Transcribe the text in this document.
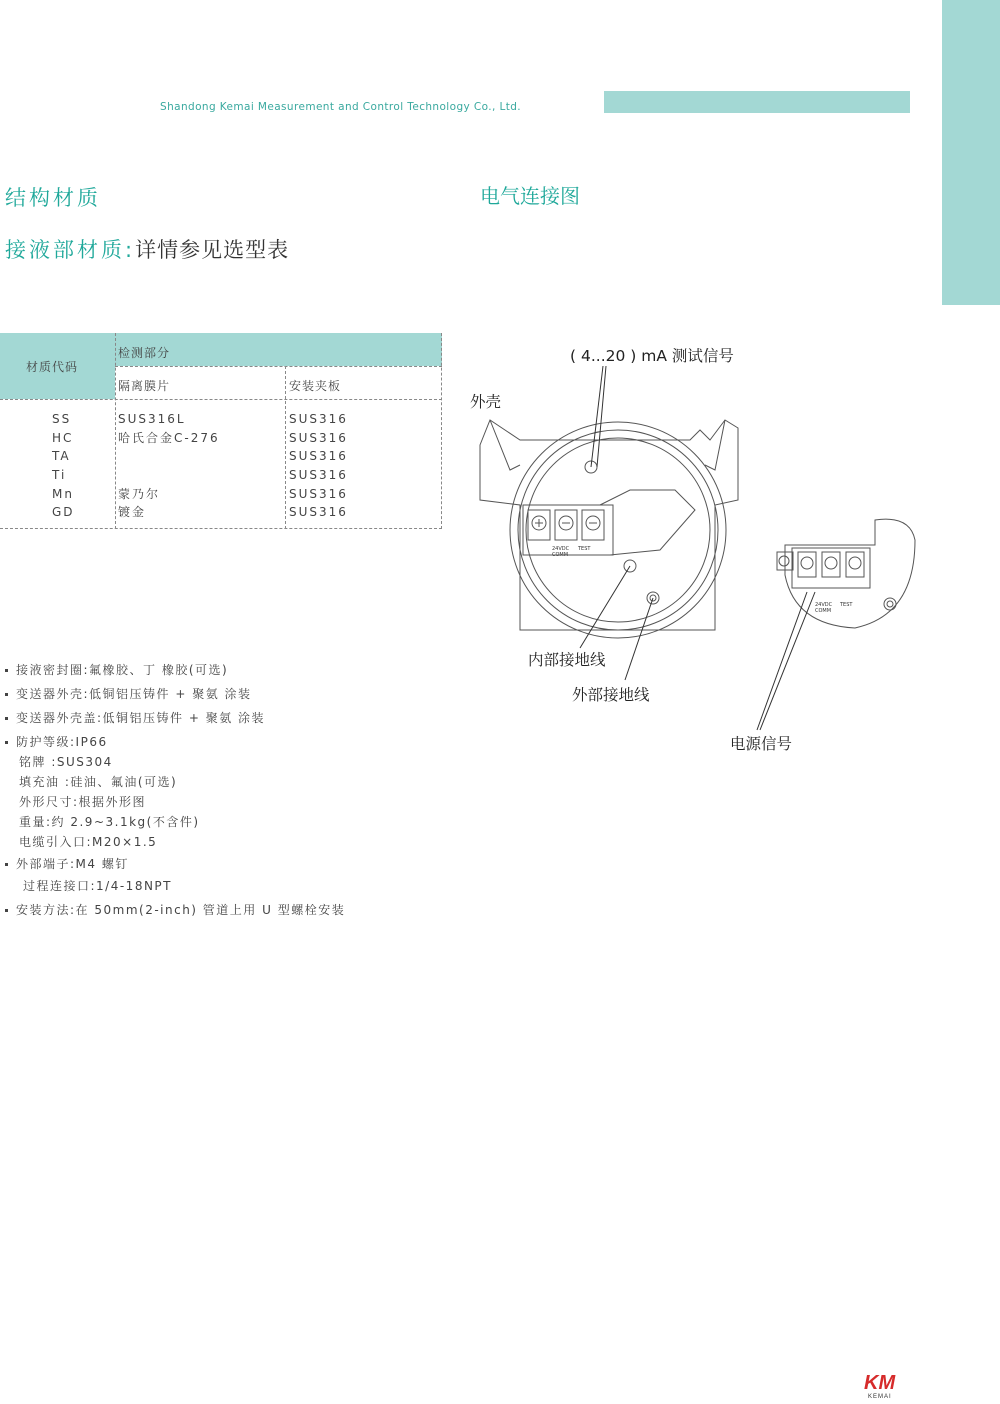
Shandong Kemai Measurement and Control Technology Co., Ltd.
结构材质	电气连接图
接液部材质:详情参见选型表
材质代码
检测部分
隔离膜片	安装夹板
SS
HC
TA
Ti
Mn
GD
SUS316L
哈氏合金C-276
蒙乃尔
镀金
SUS316
SUS316
SUS316
SUS316
SUS316
SUS316
接液密封圈:氟橡胶、丁 橡胶(可选)
变送器外壳:低铜铝压铸件 + 聚氨 涂装
变送器外壳盖:低铜铝压铸件 + 聚氨 涂装
防护等级:IP66
铭牌 :SUS304
填充油 :硅油、氟油(可选)
外形尺寸:根据外形图
重量:约 2.9~3.1kg(不含件)
电缆引入口:M20×1.5
外部端子:M4 螺钉
过程连接口:1/4-18NPT
安装方法:在 50mm(2-inch) 管道上用 U 型螺栓安装
24VDC
COMM
TEST
24VDC
COMM
TEST
( 4...20 ) mA 测试信号
外壳
内部接地线
外部接地线
电源信号
KM
KEMAI
